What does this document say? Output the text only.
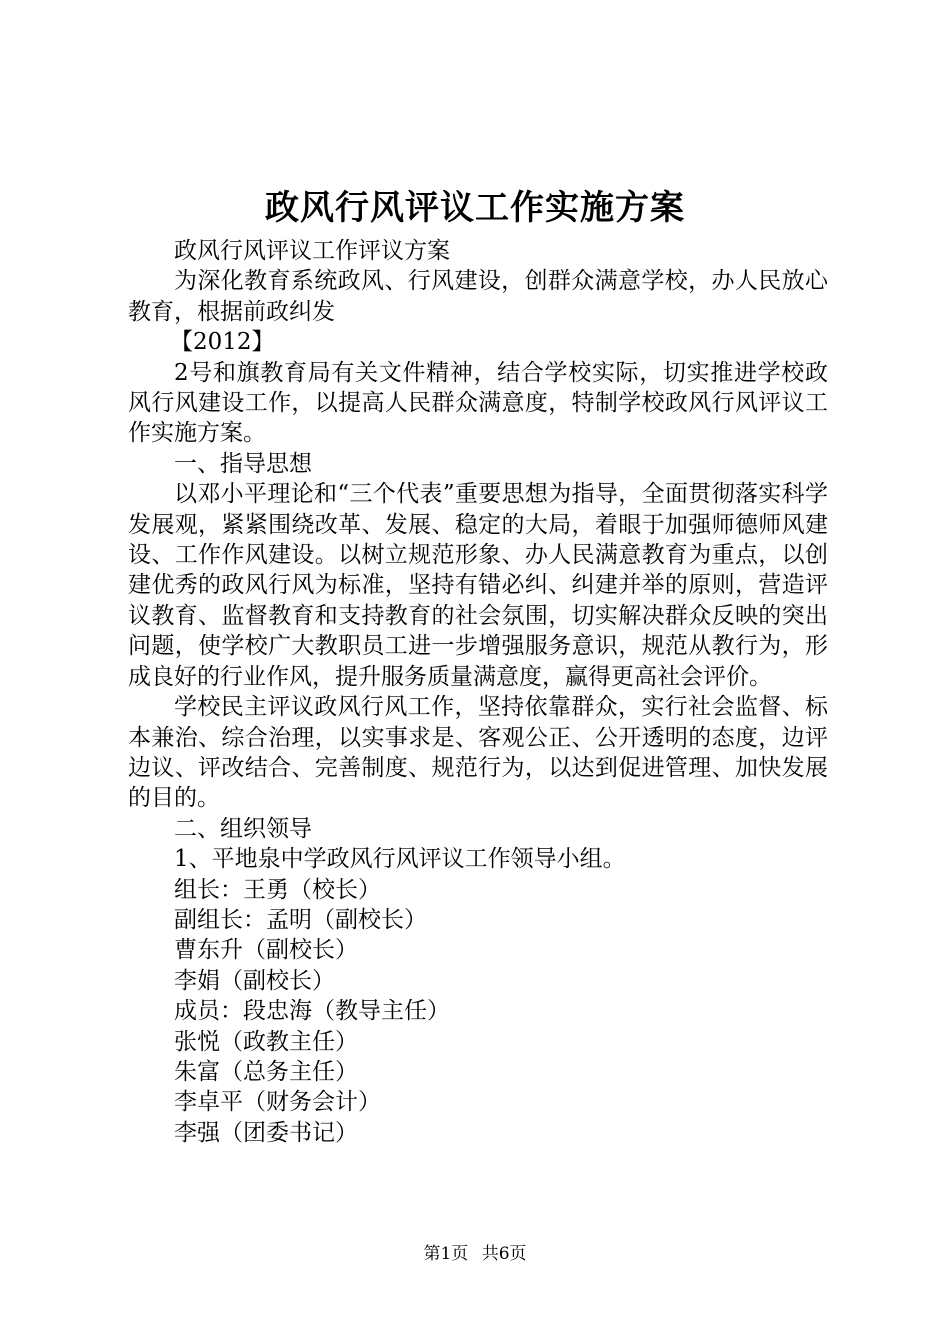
政风行风评议工作实施方案

政风行风评议工作评议方案

为深化教育系统政风、行风建设，创群众满意学校，办人民放心教育，根据前政纠发

【2012】

2号和旗教育局有关文件精神，结合学校实际，切实推进学校政风行风建设工作，以提高人民群众满意度，特制学校政风行风评议工作实施方案。

一、指导思想

以邓小平理论和“三个代表”重要思想为指导，全面贯彻落实科学发展观，紧紧围绕改革、发展、稳定的大局，着眼于加强师德师风建设、工作作风建设。以树立规范形象、办人民满意教育为重点，以创建优秀的政风行风为标准，坚持有错必纠、纠建并举的原则，营造评议教育、监督教育和支持教育的社会氛围，切实解决群众反映的突出问题，使学校广大教职员工进一步增强服务意识，规范从教行为，形成良好的行业作风，提升服务质量满意度，赢得更高社会评价。

学校民主评议政风行风工作，坚持依靠群众，实行社会监督、标本兼治、综合治理，以实事求是、客观公正、公开透明的态度，边评边议、评改结合、完善制度、规范行为，以达到促进管理、加快发展的目的。

二、组织领导

1、平地泉中学政风行风评议工作领导小组。

组长：王勇（校长）

副组长：孟明（副校长）

曹东升（副校长）

李娟（副校长）

成员：段忠海（教导主任）

张悦（政教主任）

朱富（总务主任）

李卓平（财务会计）

李强（团委书记）

第1页 共6页
